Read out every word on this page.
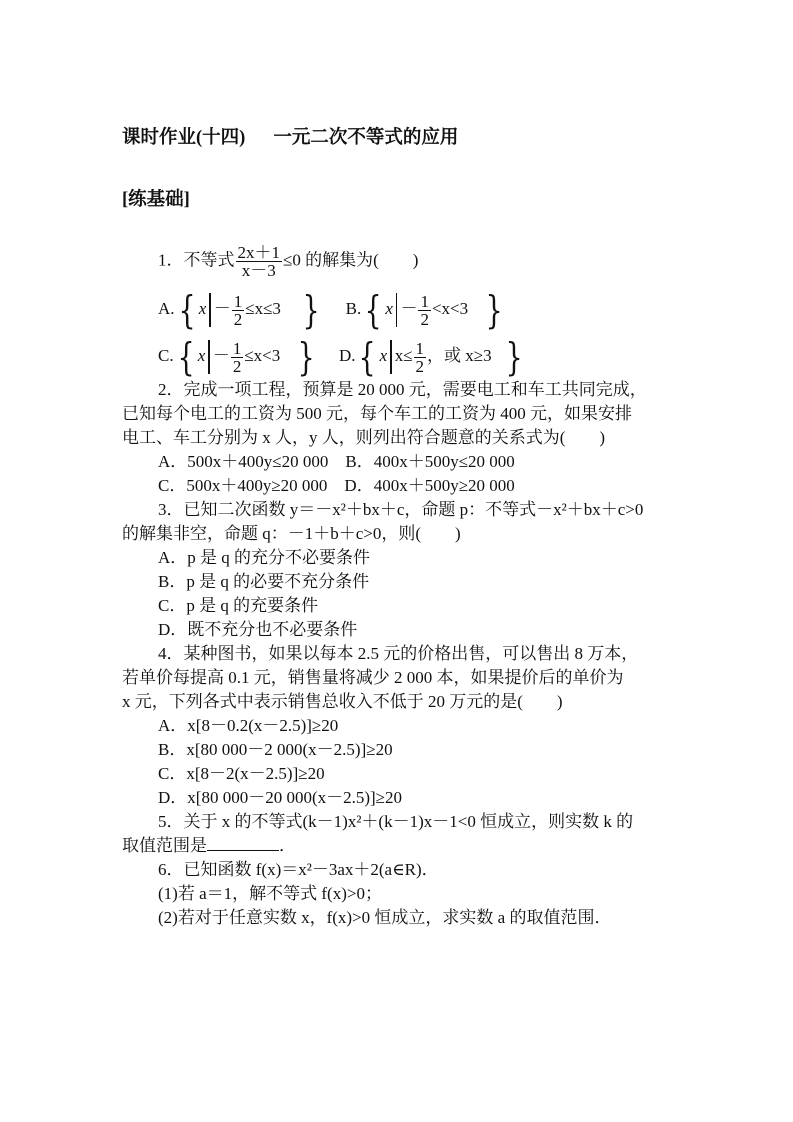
课时作业(十四) 一元二次不等式的应用
[练基础]
1．不等式 $\frac{2x+1}{x-3} \le 0$ 的解集为(　　)
A.{ $x - \frac{1}{2} \le x\le 3$ } B.{ $x - \frac{1}{2} <x<3$ }
C.{ $x - \frac{1}{2} \le x<3$ } D.{ x $x\le \frac{1}{2}$ ，或 x≥3 }
2．完成一项工程，预算是 20 000 元，需要电工和车工共同完成，
已知每个电工的工资为 500 元，每个车工的工资为 400 元，如果安排
电工、车工分别为 x 人，y 人，则列出符合题意的关系式为(　　)
A．500x＋400y≤20 000　B．400x＋500y≤20 000
C．500x＋400y≥20 000　D．400x＋500y≥20 000
3．已知二次函数 y＝－x²＋bx＋c，命题 p：不等式－x²＋bx＋c>0
的解集非空，命题 q：－1＋b＋c>0，则(　　)
A．p 是 q 的充分不必要条件
B．p 是 q 的必要不充分条件
C．p 是 q 的充要条件
D．既不充分也不必要条件
4．某种图书，如果以每本 2.5 元的价格出售，可以售出 8 万本，
若单价每提高 0.1 元，销售量将减少 2 000 本，如果提价后的单价为
x 元，下列各式中表示销售总收入不低于 20 万元的是(　　)
A．x[8－0.2(x－2.5)]≥20
B．x[80 000－2 000(x－2.5)]≥20
C．x[8－2(x－2.5)]≥20
D．x[80 000－20 000(x－2.5)]≥20
5．关于 x 的不等式(k－1)x²＋(k－1)x－1<0 恒成立，则实数 k 的
取值范围是	．
6．已知函数 f(x)＝x²－3ax＋2(a∈R)．
(1)若 a＝1，解不等式 f(x)>0；
(2)若对于任意实数 x，f(x)>0 恒成立，求实数 a 的取值范围．
